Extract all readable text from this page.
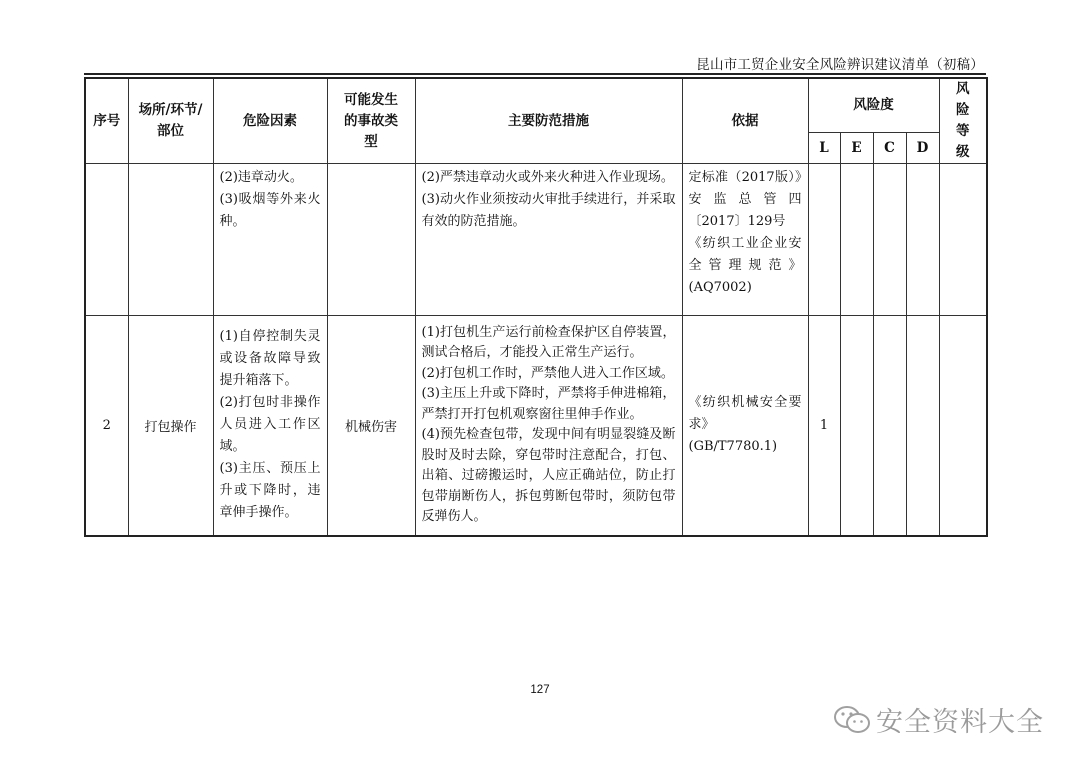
昆山市工贸企业安全风险辨识建议清单（初稿）
序号	场所/环节/部位	危险因素	可能发生的事故类型	主要防范措施	依据	风险度				风险等级
						L	E	C	D	

		(2)违章动火。
(3)吸烟等外来火种。		(2)严禁违章动火或外来火种进入作业现场。
(3)动火作业须按动火审批手续进行，并采取有效的防范措施。	定标准（2017版）》安监总管四〔2017〕129号
《纺织工业企业安全管理规范》(AQ7002)					

2	打包操作	(1)自停控制失灵或设备故障导致提升箱落下。
(2)打包时非操作人员进入工作区域。
(3)主压、预压上升或下降时，违章伸手操作。	机械伤害	(1)打包机生产运行前检查保护区自停装置，测试合格后，才能投入正常生产运行。
(2)打包机工作时，严禁他人进入工作区域。
(3)主压上升或下降时，严禁将手伸进棉箱，严禁打开打包机观察窗往里伸手作业。
(4)预先检查包带，发现中间有明显裂缝及断股时及时去除，穿包带时注意配合，打包、出箱、过磅搬运时，人应正确站位，防止打包带崩断伤人，拆包剪断包带时，须防包带反弹伤人。	《纺织机械安全要求》
(GB/T7780.1)	1				
127
安全资料大全
